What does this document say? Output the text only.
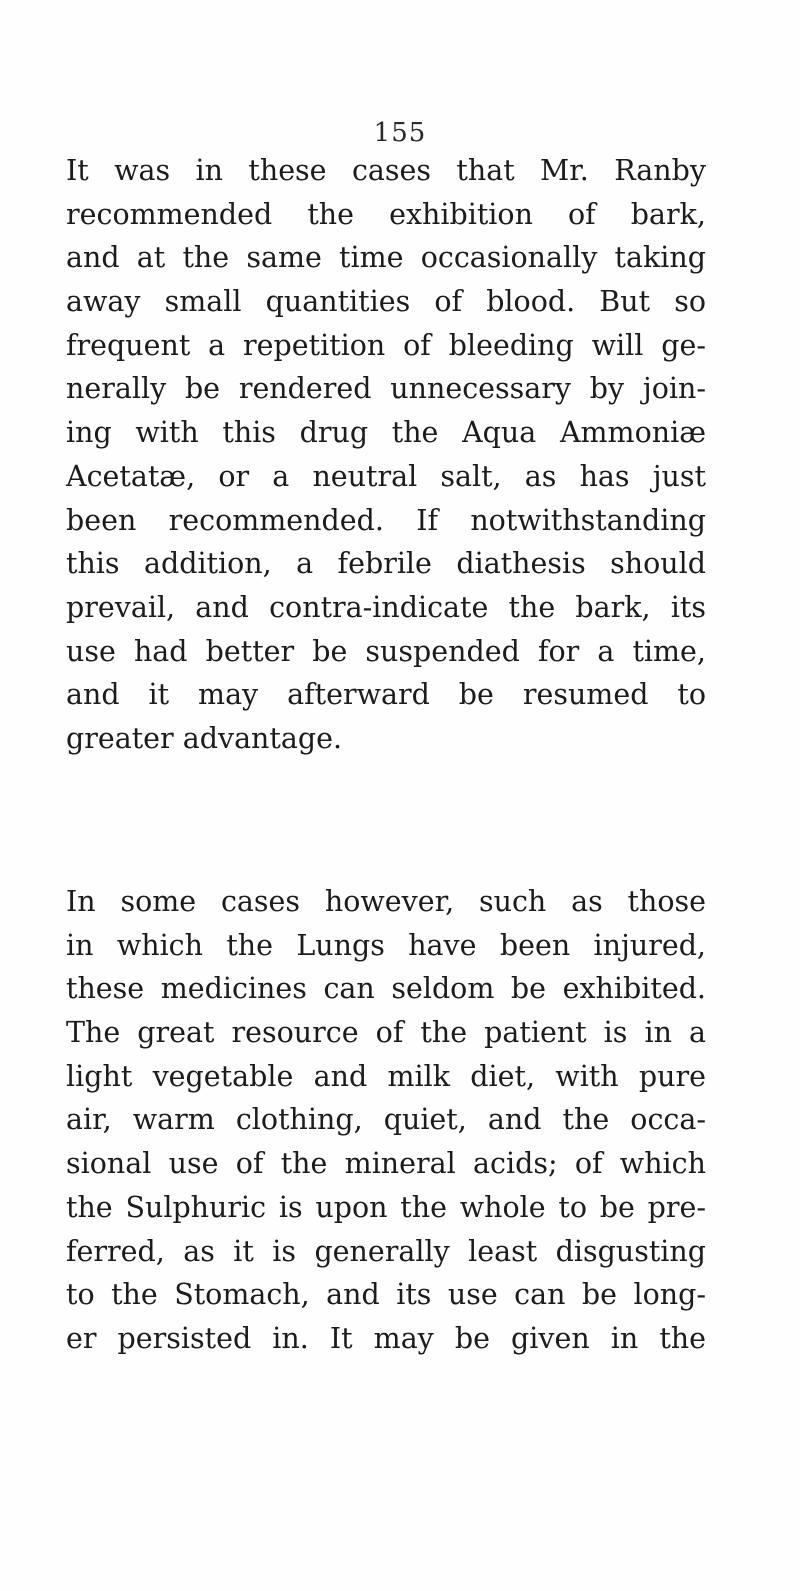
155
It was in these cases that Mr. Ranby
recommended the exhibition of bark,
and at the same time occasionally taking
away small quantities of blood. But so
frequent a repetition of bleeding will ge-
nerally be rendered unnecessary by join-
ing with this drug the Aqua Ammoniæ
Acetatæ, or a neutral salt, as has just
been recommended. If notwithstanding
this addition, a febrile diathesis should
prevail, and contra-indicate the bark, its
use had better be suspended for a time,
and it may afterward be resumed to
greater advantage.
In some cases however, such as those
in which the Lungs have been injured,
these medicines can seldom be exhibited.
The great resource of the patient is in a
light vegetable and milk diet, with pure
air, warm clothing, quiet, and the occa-
sional use of the mineral acids; of which
the Sulphuric is upon the whole to be pre-
ferred, as it is generally least disgusting
to the Stomach, and its use can be long-
er persisted in. It may be given in the
